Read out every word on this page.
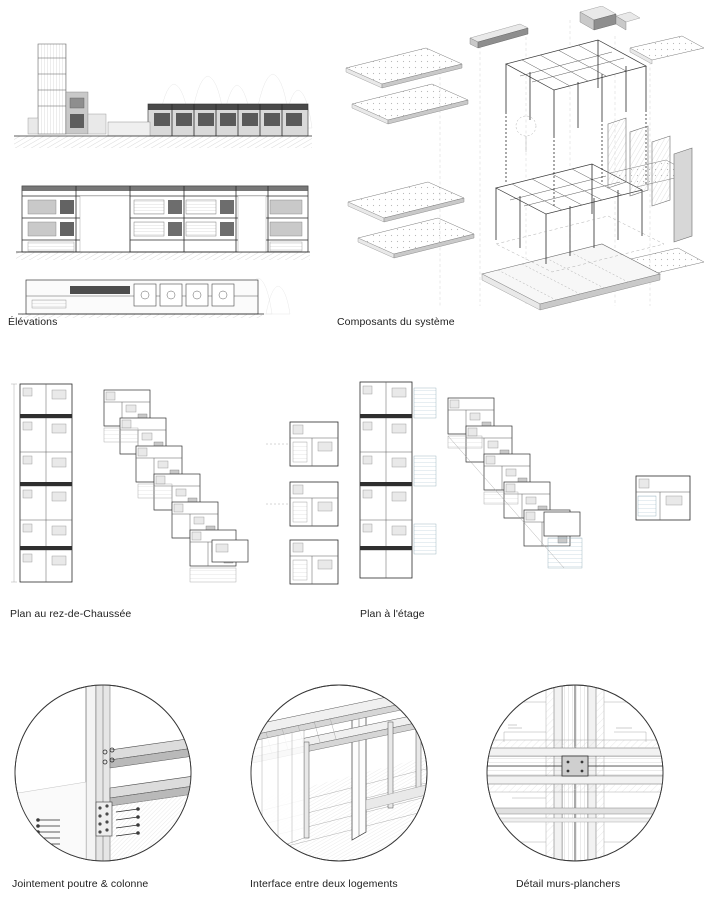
Élévations	Composants du système
Plan au rez-de-Chaussée	Plan à l'étage
Jointement poutre & colonne	Interface entre deux logements	Détail murs-planchers
